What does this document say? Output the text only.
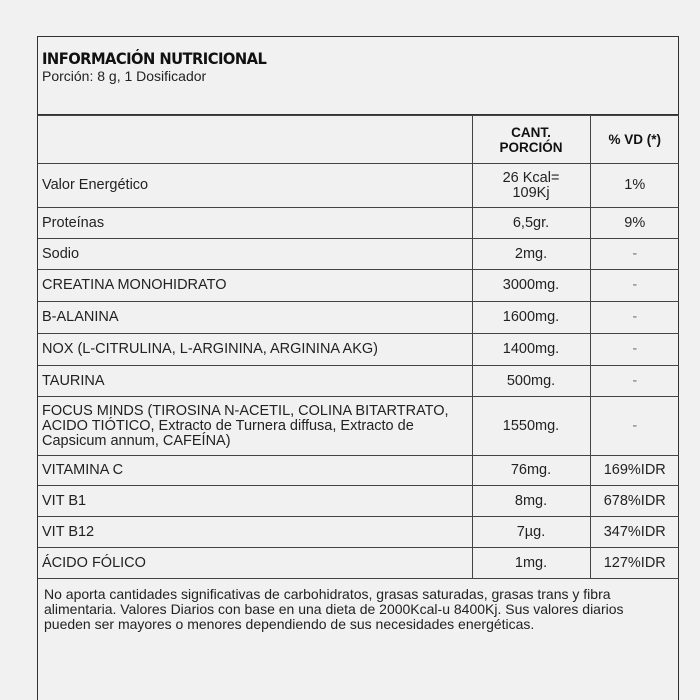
INFORMACIÓN NUTRICIONAL
Porción: 8 g, 1 Dosificador
	CANT. PORCIÓN	% VD (*)
Valor Energético	26 Kcal= 109Kj	1%
Proteínas	6,5gr.	9%
Sodio	2mg.	-
CREATINA MONOHIDRATO	3000mg.	-
B-ALANINA	1600mg.	-
NOX (L-CITRULINA, L-ARGININA, ARGININA AKG)	1400mg.	-
TAURINA	500mg.	-
FOCUS MINDS (TIROSINA N-ACETIL, COLINA BITARTRATO, ACIDO TIÓTICO, Extracto de Turnera diffusa, Extracto de Capsicum annum, CAFEÍNA)	1550mg.	-
VITAMINA C	76mg.	169%IDR
VIT B1	8mg.	678%IDR
VIT B12	7µg.	347%IDR
ÁCIDO FÓLICO	1mg.	127%IDR
No aporta cantidades significativas de carbohidratos, grasas saturadas, grasas trans y fibra alimentaria. Valores Diarios con base en una dieta de 2000Kcal-u 8400Kj. Sus valores diarios pueden ser mayores o menores dependiendo de sus necesidades energéticas.
